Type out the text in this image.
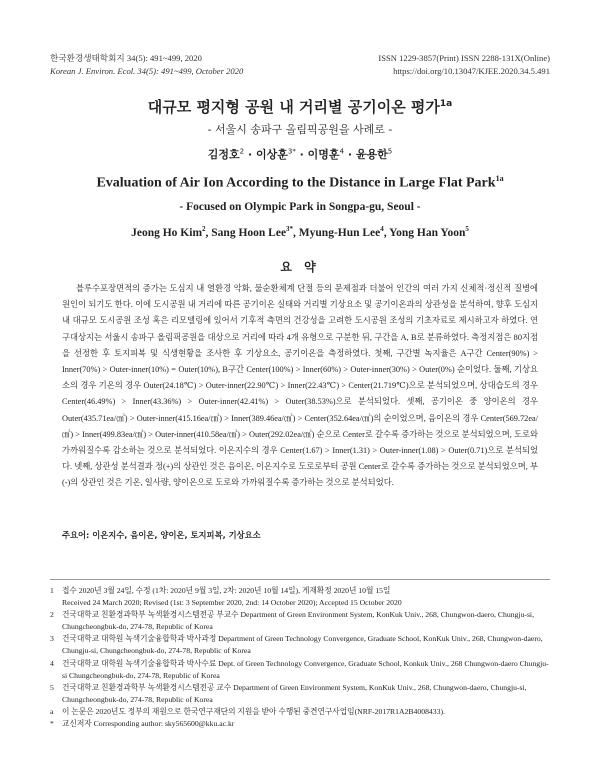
한국환경생태학회지 34(5): 491~499, 2020
Korean J. Environ. Ecol. 34(5): 491~499, October 2020
ISSN 1229-3857(Print) ISSN 2288-131X(Online)
https://doi.org/10.13047/KJEE.2020.34.5.491
대규모 평지형 공원 내 거리별 공기이온 평가$^{1a}$
- 서울시 송파구 올림픽공원을 사례로 -
김정호$^2$ · 이상훈$^{3*}$ · 이명훈$^4$ · 윤용한$^5$
Evaluation of Air Ion According to the Distance in Large Flat Park$^{1a}$
- Focused on Olympic Park in Songpa-gu, Seoul -
Jeong Ho Kim$^2$, Sang Hoon Lee$^{3*}$, Myung-Hun Lee$^4$, Yong Han Yoon$^5$
요 약

블루수포장면적의 증가는 도심지 내 열환경 악화, 물순환체계 단절 등의 문제점과 더불어 인간의 여러 가지 신체적·정신적 질병에 원인이 되기도 한다. 이에 도시공원 내 거리에 따른 공기이온 실태와 거리별 기상요소 및 공기이온과의 상관성을 분석하여, 향후 도심지 내 대규모 도시공원 조성 혹은 리모델링에 있어서 기후적 측면의 건강성을 고려한 도시공원 조성의 기초자료로 제시하고자 하였다. 연구대상지는 서울시 송파구 올림픽공원을 대상으로 거리에 따라 4개 유형으로 구분한 뒤, 구간을 A, B로 분류하였다. 측정지점은 80지점을 선정한 후 토지피복 및 식생현황을 조사한 후 기상요소, 공기이온을 측정하였다. 첫째, 구간별 녹지율은 A구간 Center(90%) > Inner(70%) > Outer-inner(10%) = Outer(10%), B구간 Center(100%) > Inner(60%) > Outer-inner(30%) > Outer(0%) 순이었다. 둘째, 기상요소의 경우 기온의 경우 Outer(24.18℃) > Outer-inner(22.90℃) > Inner(22.43℃) > Center(21.719℃)으로 분석되었으며, 상대습도의 경우 Center(46.49%) > Inner(43.36%) > Outer-inner(42.41%) > Outer(38.53%)으로 분석되었다. 셋째, 공기이온 중 양이온의 경우 Outer(435.71ea/㎤) > Outer-inner(415.16ea/㎤) > Inner(389.46ea/㎤) > Center(352.64ea/㎤)의 순이었으며, 음이온의 경우 Center(569.72ea/㎤) > Inner(499.83ea/㎤) > Outer-inner(410.58ea/㎤) > Outer(292.02ea/㎤) 순으로 Center로 갈수록 증가하는 것으로 분석되었으며, 도로와 가까워질수록 감소하는 것으로 분석되었다. 이온지수의 경우 Center(1.67) > Inner(1.31) > Outer-inner(1.08) > Outer(0.71)으로 분석되었다. 넷째, 상관성 분석결과 정(+)의 상관인 것은 음이온, 이온지수로 도로로부터 공원 Center로 갈수록 증가하는 것으로 분석되었으며, 부(-)의 상관인 것은 기온, 일사량, 양이온으로 도로와 가까워질수록 증가하는 것으로 분석되었다.

주요어: 이온지수, 음이온, 양이온, 토지피복, 기상요소
1	접수 2020년 3월 24일, 수정 (1차: 2020년 9월 3일, 2차: 2020년 10월 14일), 게재확정 2020년 10월 15일
Received 24 March 2020; Revised (1st: 3 September 2020, 2nd: 14 October 2020); Accepted 15 October 2020
2	건국대학교 친환경과학부 녹색환경시스템전공 부교수 Department of Green Environment System, KonKuk Univ., 268, Chungwon-daero, Chungju-si, Chungcheongbuk-do, 274-78, Republic of Korea
3	건국대학교 대학원 녹색기술융합학과 박사과정 Department of Green Technology Convergence, Graduate School, KonKuk Univ., 268, Chungwon-daero, Chungju-si, Chungcheongbuk-do, 274-78, Republic of Korea
4	건국대학교 대학원 녹색기술융합학과 박사수료 Dept. of Green Technology Convergence, Graduate School, Konkuk Univ., 268 Chungwon-daero Chungju-si Chungcheongbuk-do, 274-78, Republic of Korea
5	건국대학교 친환경과학부 녹색환경시스템전공 교수 Department of Green Environment System, KonKuk Univ., 268, Chungwon-daero, Chungju-si, Chungcheongbuk-do, 274-78, Republic of Korea
a	이 논문은 2020년도 정부의 재원으로 한국연구재단의 지원을 받아 수행된 중견연구사업임(NRF-2017R1A2B4008433).
*	교신저자 Corresponding author: sky565600@kku.ac.kr
